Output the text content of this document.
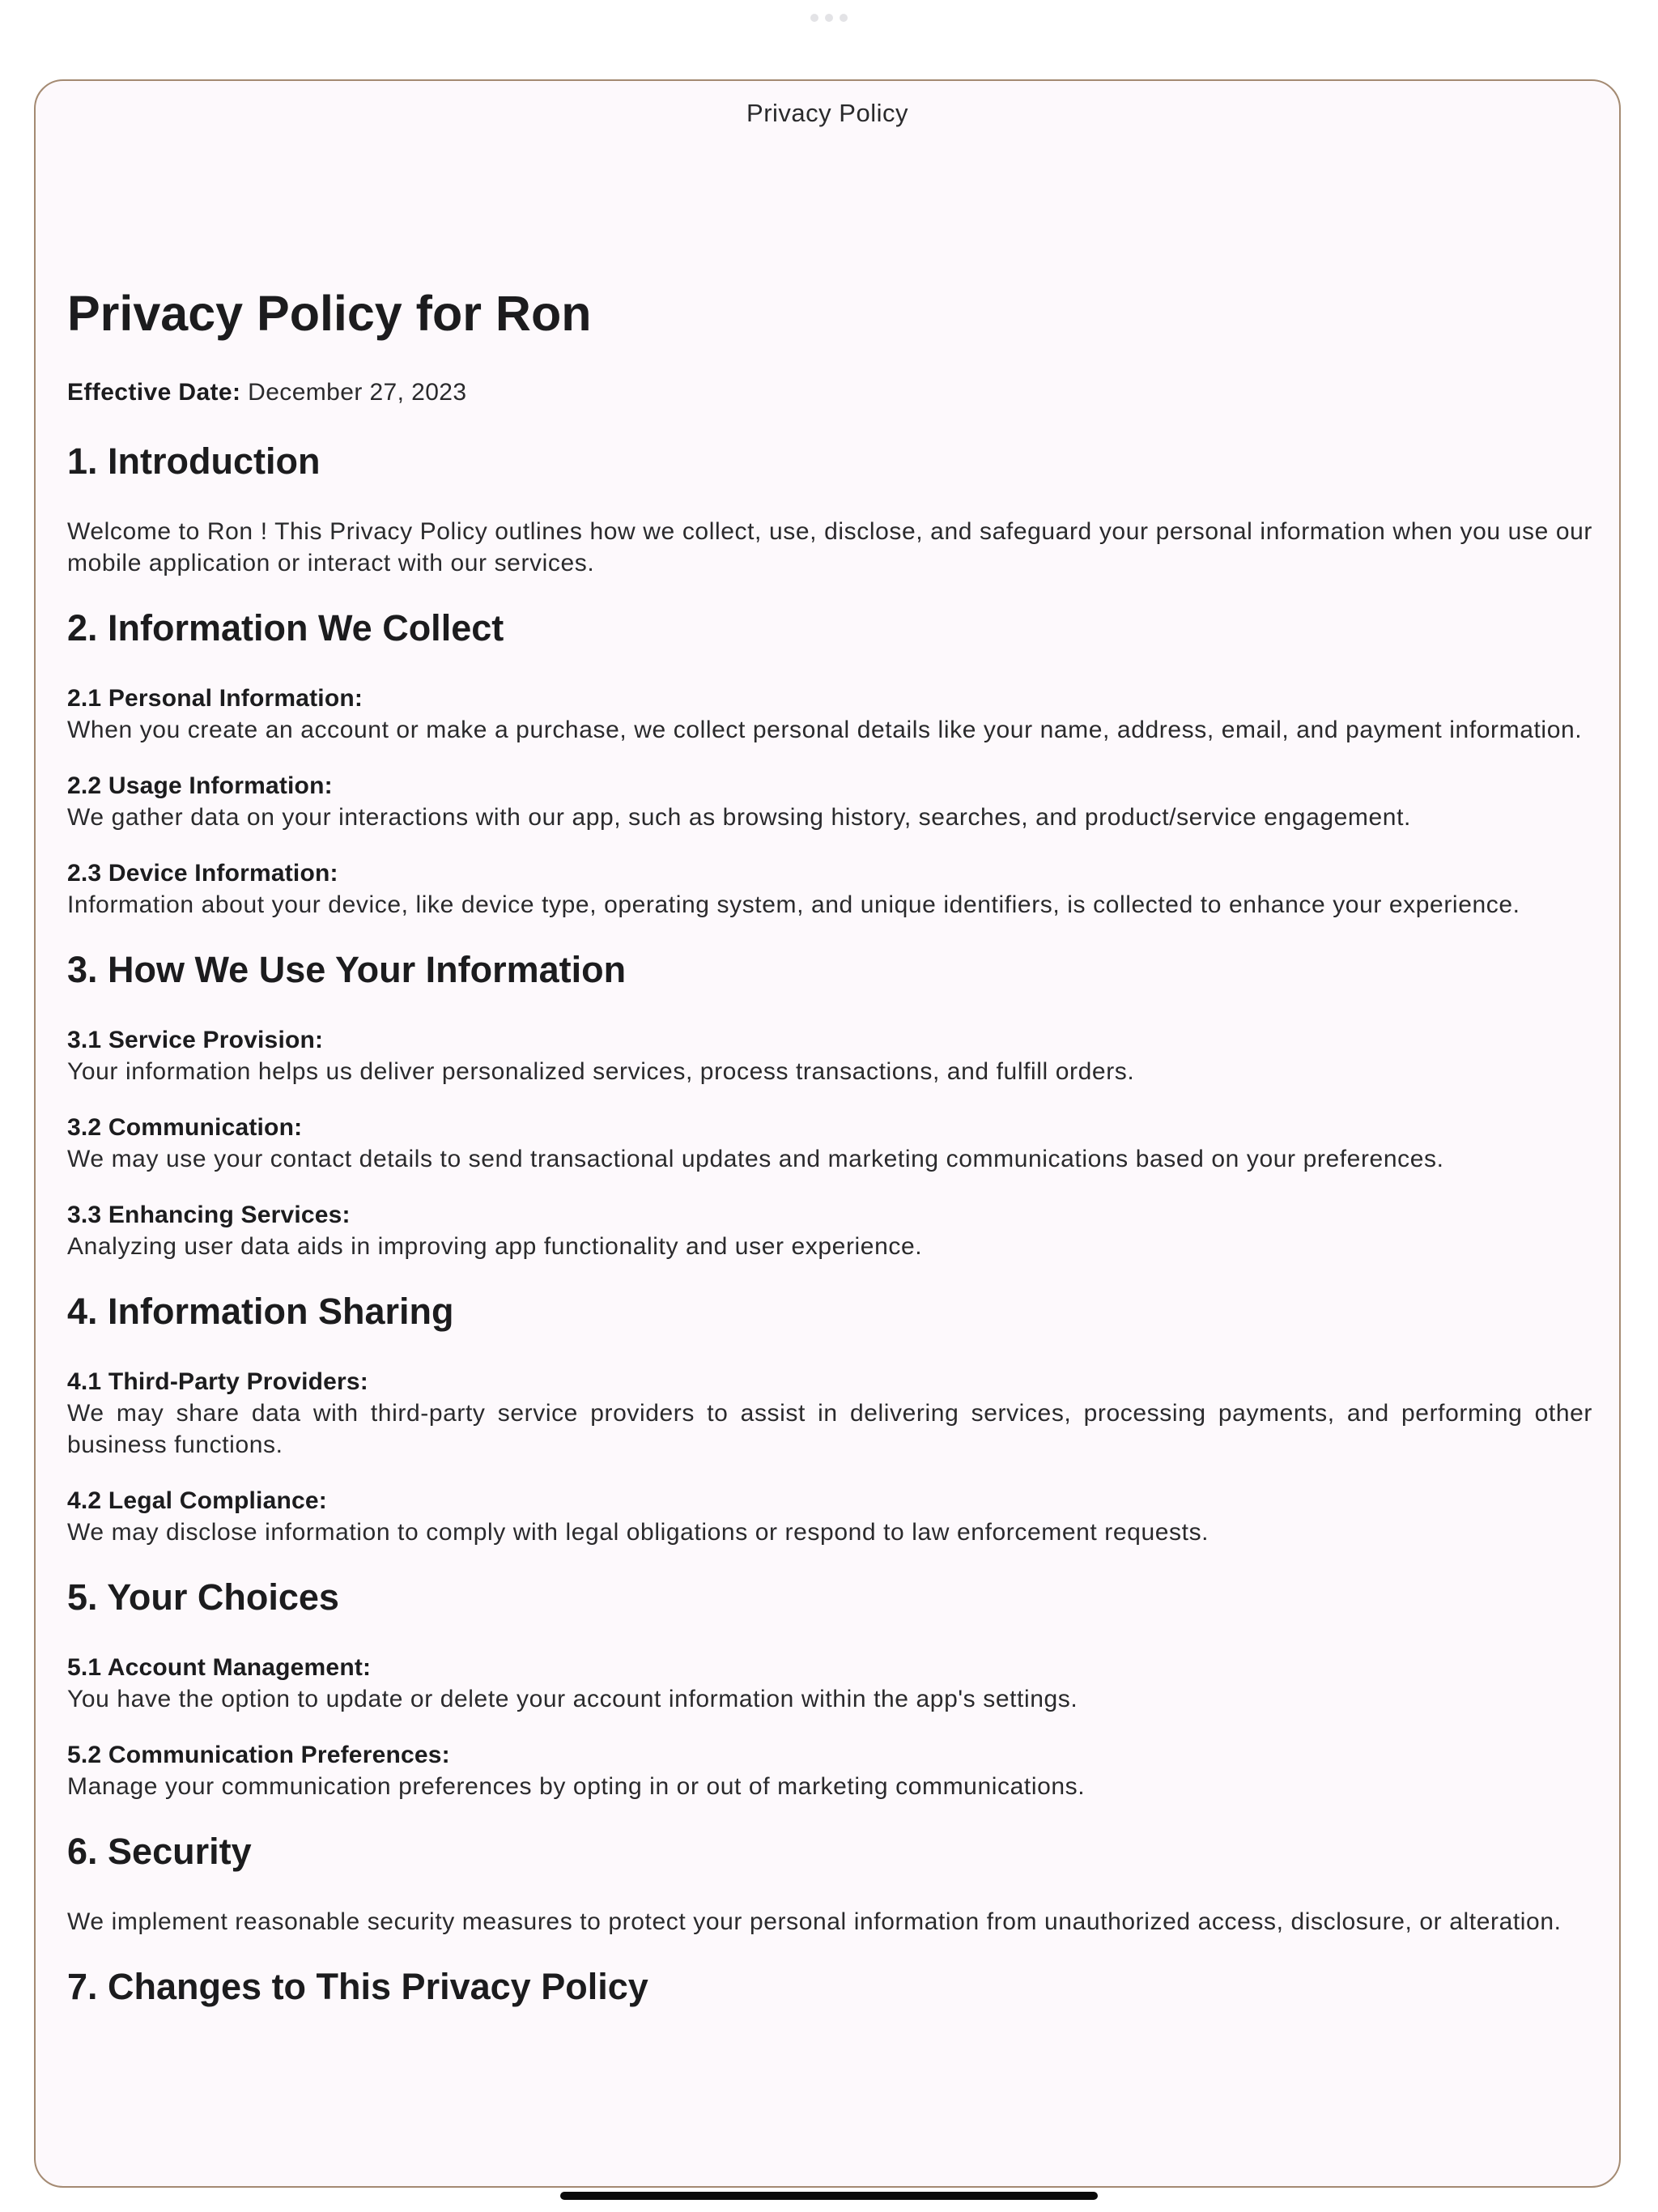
Privacy Policy
Privacy Policy for Ron

Effective Date: December 27, 2023

1. Introduction

Welcome to Ron ! This Privacy Policy outlines how we collect, use, disclose, and safeguard your personal information when you use our mobile application or interact with our services.

2. Information We Collect
2.1 Personal Information:
When you create an account or make a purchase, we collect personal details like your name, address, email, and payment information.
2.2 Usage Information:
We gather data on your interactions with our app, such as browsing history, searches, and product/service engagement.
2.3 Device Information:
Information about your device, like device type, operating system, and unique identifiers, is collected to enhance your experience.
3. How We Use Your Information
3.1 Service Provision:
Your information helps us deliver personalized services, process transactions, and fulfill orders.
3.2 Communication:
We may use your contact details to send transactional updates and marketing communications based on your preferences.
3.3 Enhancing Services:
Analyzing user data aids in improving app functionality and user experience.
4. Information Sharing
4.1 Third-Party Providers:
We may share data with third-party service providers to assist in delivering services, processing payments, and performing other business functions.
4.2 Legal Compliance:
We may disclose information to comply with legal obligations or respond to law enforcement requests.
5. Your Choices
5.1 Account Management:
You have the option to update or delete your account information within the app's settings.
5.2 Communication Preferences:
Manage your communication preferences by opting in or out of marketing communications.
6. Security

We implement reasonable security measures to protect your personal information from unauthorized access, disclosure, or alteration.

7. Changes to This Privacy Policy
